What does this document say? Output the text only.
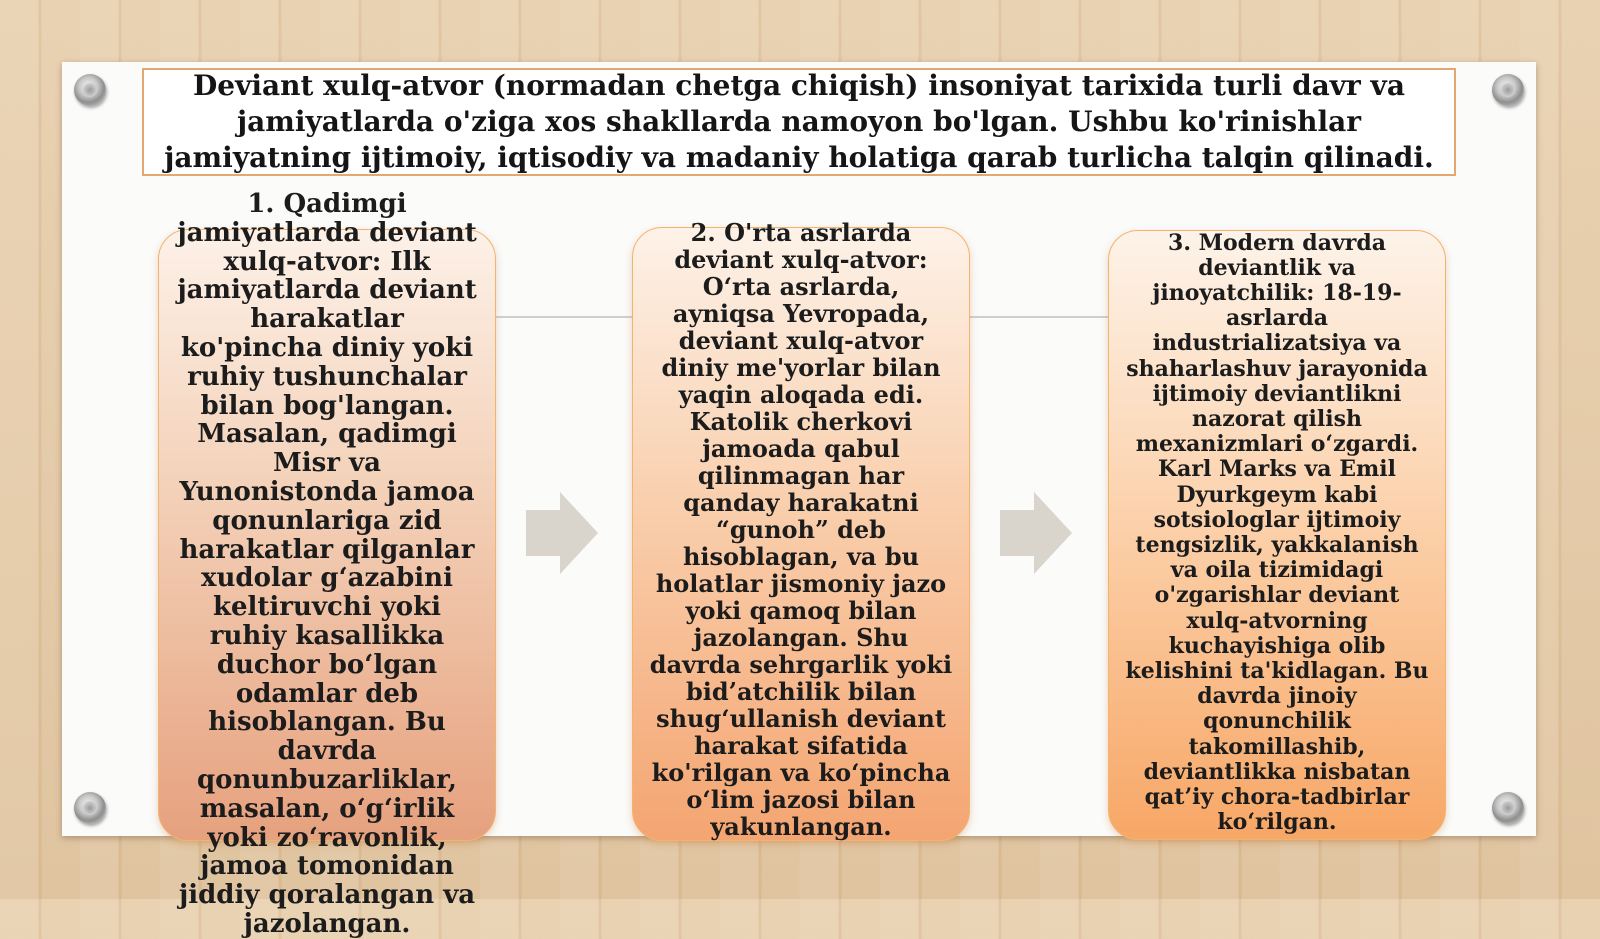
Deviant xulq-atvor (normadan chetga chiqish) insoniyat tarixida turli davr va jamiyatlarda o'ziga xos shakllarda namoyon bo'lgan. Ushbu ko'rinishlar jamiyatning ijtimoiy, iqtisodiy va madaniy holatiga qarab turlicha talqin qilinadi.
1. Qadimgi jamiyatlarda deviant xulq-atvor: Ilk jamiyatlarda deviant harakatlar ko'pincha diniy yoki ruhiy tushunchalar bilan bog'langan. Masalan, qadimgi Misr va Yunonistonda jamoa qonunlariga zid harakatlar qilganlar xudolar g‘azabini keltiruvchi yoki ruhiy kasallikka duchor bo‘lgan odamlar deb hisoblangan. Bu davrda qonunbuzarliklar, masalan, o‘g‘irlik yoki zo‘ravonlik, jamoa tomonidan jiddiy qoralangan va jazolangan.
2. O'rta asrlarda deviant xulq-atvor: O‘rta asrlarda, ayniqsa Yevropada, deviant xulq-atvor diniy me'yorlar bilan yaqin aloqada edi. Katolik cherkovi jamoada qabul qilinmagan har qanday harakatni “gunoh” deb hisoblagan, va bu holatlar jismoniy jazo yoki qamoq bilan jazolangan. Shu davrda sehrgarlik yoki bid’atchilik bilan shug‘ullanish deviant harakat sifatida ko'rilgan va ko‘pincha o‘lim jazosi bilan yakunlangan.
3. Modern davrda deviantlik va jinoyatchilik: 18-19-asrlarda industrializatsiya va shaharlashuv jarayonida ijtimoiy deviantlikni nazorat qilish mexanizmlari o‘zgardi. Karl Marks va Emil Dyurkgeym kabi sotsiologlar ijtimoiy tengsizlik, yakkalanish va oila tizimidagi o'zgarishlar deviant xulq-atvorning kuchayishiga olib kelishini ta'kidlagan. Bu davrda jinoiy qonunchilik takomillashib, deviantlikka nisbatan qat’iy chora-tadbirlar ko‘rilgan.
